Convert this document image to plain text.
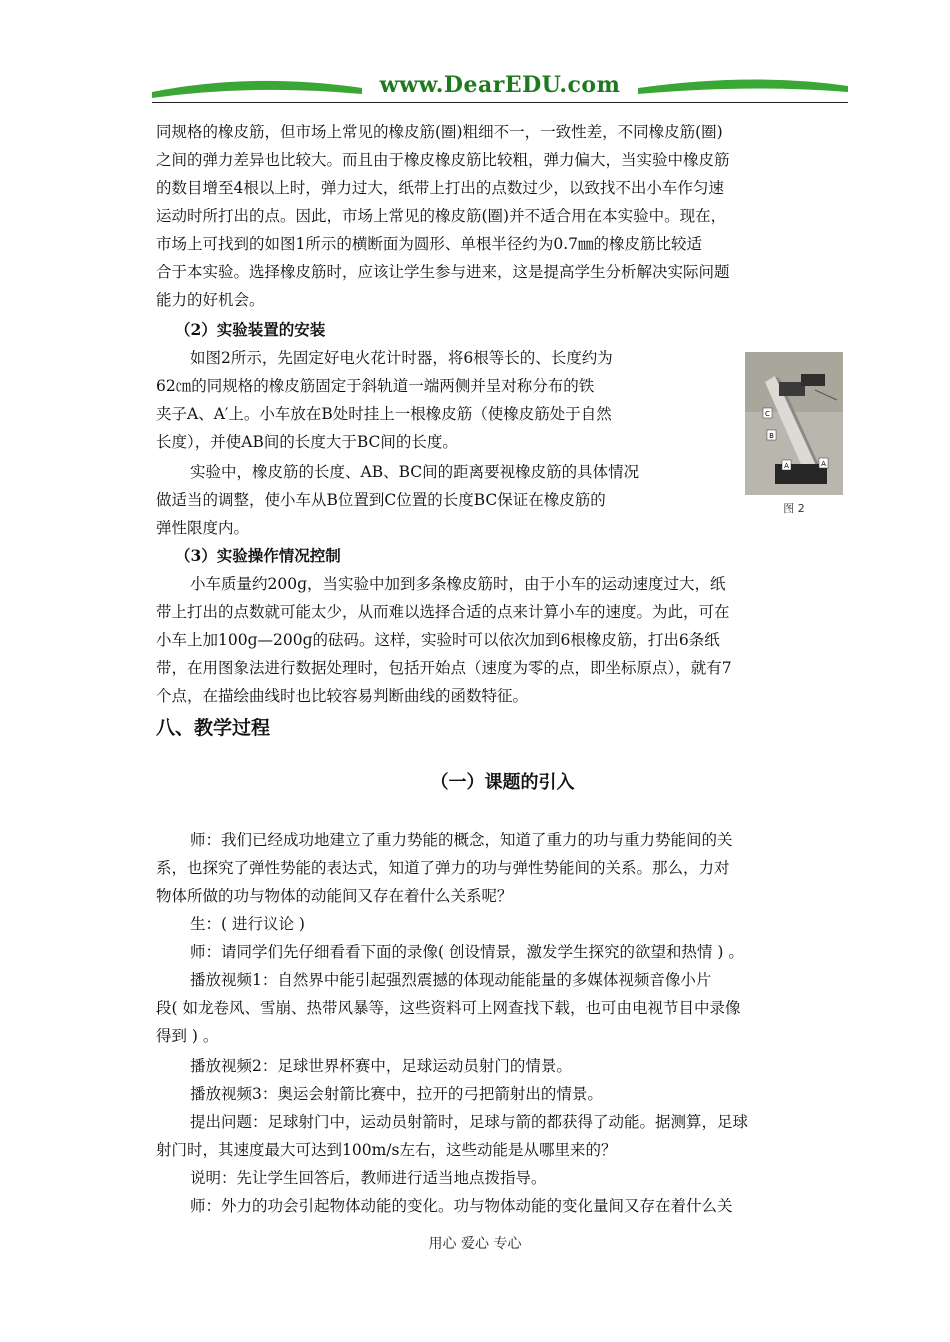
www.DearEDU.com
同规格的橡皮筋，但市场上常见的橡皮筋(圈)粗细不一，一致性差，不同橡皮筋(圈)
之间的弹力差异也比较大。而且由于橡皮橡皮筋比较粗，弹力偏大，当实验中橡皮筋
的数目增至4根以上时，弹力过大，纸带上打出的点数过少，以致找不出小车作匀速
运动时所打出的点。因此，市场上常见的橡皮筋(圈)并不适合用在本实验中。现在，
市场上可找到的如图1所示的横断面为圆形、单根半径约为0.7㎜的橡皮筋比较适
合于本实验。选择橡皮筋时，应该让学生参与进来，这是提高学生分析解决实际问题
能力的好机会。
（2）实验装置的安装
如图2所示，先固定好电火花计时器，将6根等长的、长度约为
62㎝的同规格的橡皮筋固定于斜轨道一端两侧并呈对称分布的铁
夹子A、A′上。小车放在B处时挂上一根橡皮筋（使橡皮筋处于自然
长度），并使AB间的长度大于BC间的长度。
实验中，橡皮筋的长度、AB、BC间的距离要视橡皮筋的具体情况
做适当的调整，使小车从B位置到C位置的长度BC保证在橡皮筋的
弹性限度内。
C
B
A	A
图 2
（3）实验操作情况控制
小车质量约200ɡ，当实验中加到多条橡皮筋时，由于小车的运动速度过大，纸
带上打出的点数就可能太少，从而难以选择合适的点来计算小车的速度。为此，可在
小车上加100ɡ—200ɡ的砝码。这样，实验时可以依次加到6根橡皮筋，打出6条纸
带，在用图象法进行数据处理时，包括开始点（速度为零的点，即坐标原点），就有7
个点，在描绘曲线时也比较容易判断曲线的函数特征。
八、教学过程
（一）课题的引入
师：我们已经成功地建立了重力势能的概念，知道了重力的功与重力势能间的关
系，也探究了弹性势能的表达式，知道了弹力的功与弹性势能间的关系。那么，力对
物体所做的功与物体的动能间又存在着什么关系呢？
生：( 进行议论 )
师：请同学们先仔细看看下面的录像( 创设情景，激发学生探究的欲望和热情 ) 。
播放视频1：自然界中能引起强烈震撼的体现动能能量的多媒体视频音像小片
段( 如龙卷风、雪崩、热带风暴等，这些资料可上网查找下载，也可由电视节目中录像
得到 ) 。
播放视频2：足球世界杯赛中，足球运动员射门的情景。
播放视频3：奥运会射箭比赛中，拉开的弓把箭射出的情景。
提出问题：足球射门中，运动员射箭时，足球与箭的都获得了动能。据测算，足球
射门时，其速度最大可达到100m/s左右，这些动能是从哪里来的？
说明：先让学生回答后，教师进行适当地点拨指导。
师：外力的功会引起物体动能的变化。功与物体动能的变化量间又存在着什么关
用心 爱心 专心
